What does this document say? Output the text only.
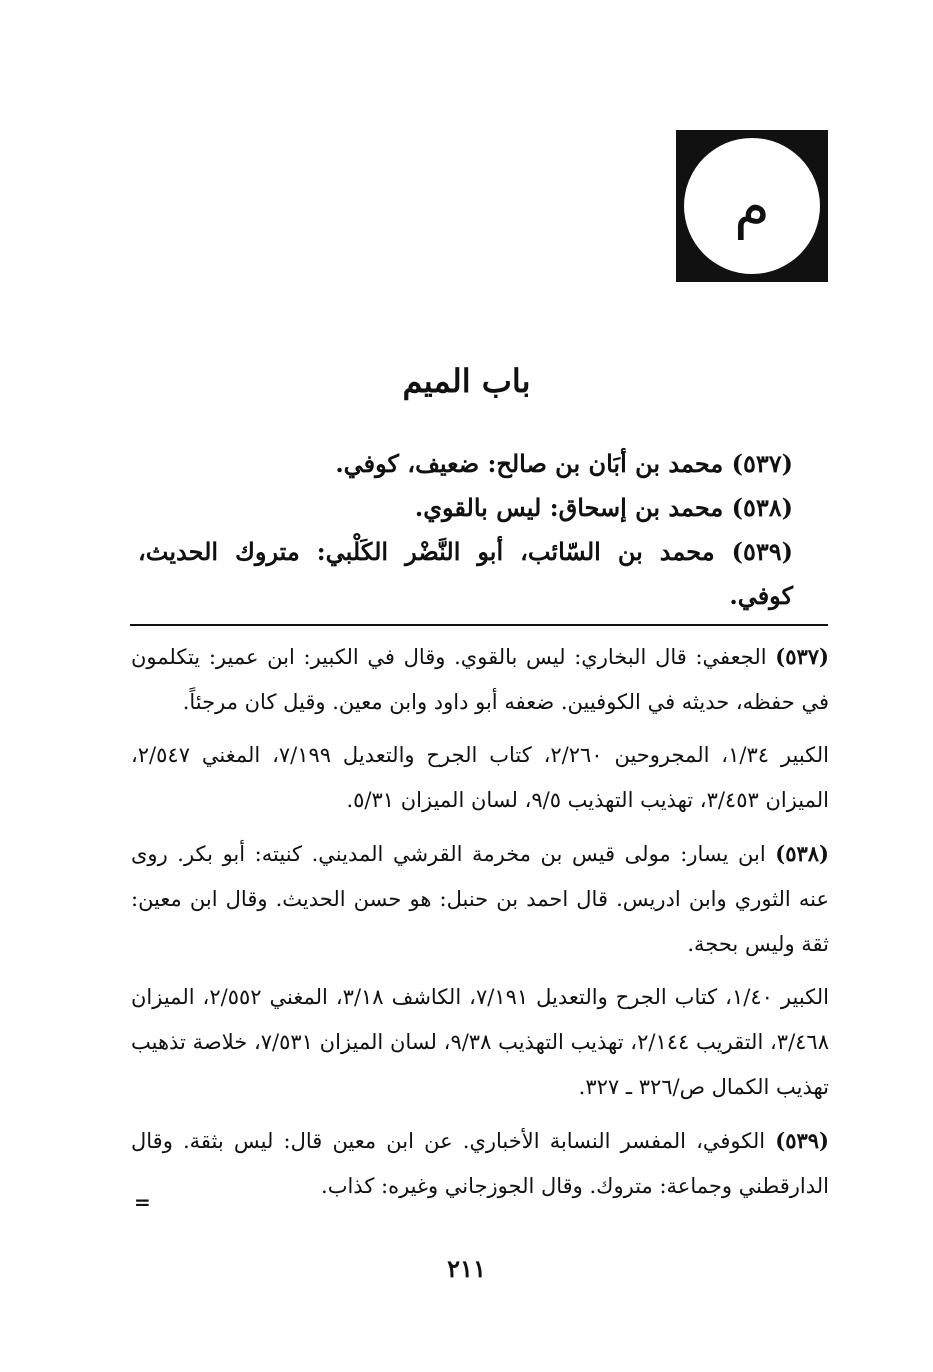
م
باب الميم

(٥٣٧) محمد بن أبَان بن صالح: ضعيف، كوفي.

(٥٣٨) محمد بن إسحاق: ليس بالقوي.

(٥٣٩) محمد بن السّائب، أبو النَّضْر الكَلْبي: متروك الحديث، كوفي.

(٥٣٧) الجعفي: قال البخاري: ليس بالقوي. وقال في الكبير: ابن عمير: يتكلمون في حفظه، حديثه في الكوفيين. ضعفه أبو داود وابن معين. وقيل كان مرجئاً.

الكبير ١/٣٤، المجروحين ٢/٢٦٠، كتاب الجرح والتعديل ٧/١٩٩، المغني ٢/٥٤٧، الميزان ٣/٤٥٣، تهذيب التهذيب ٩/٥، لسان الميزان ٥/٣١.

(٥٣٨) ابن يسار: مولى قيس بن مخرمة القرشي المديني. كنيته: أبو بكر. روى عنه الثوري وابن ادريس. قال احمد بن حنبل: هو حسن الحديث. وقال ابن معين: ثقة وليس بحجة.

الكبير ١/٤٠، كتاب الجرح والتعديل ٧/١٩١، الكاشف ٣/١٨، المغني ٢/٥٥٢، الميزان ٣/٤٦٨، التقريب ٢/١٤٤، تهذيب التهذيب ٩/٣٨، لسان الميزان ٧/٥٣١، خلاصة تذهيب تهذيب الكمال ص/٣٢٦ ـ ٣٢٧.

(٥٣٩) الكوفي، المفسر النسابة الأخباري. عن ابن معين قال: ليس بثقة. وقال الدارقطني وجماعة: متروك. وقال الجوزجاني وغيره: كذاب.

=
٢١١
